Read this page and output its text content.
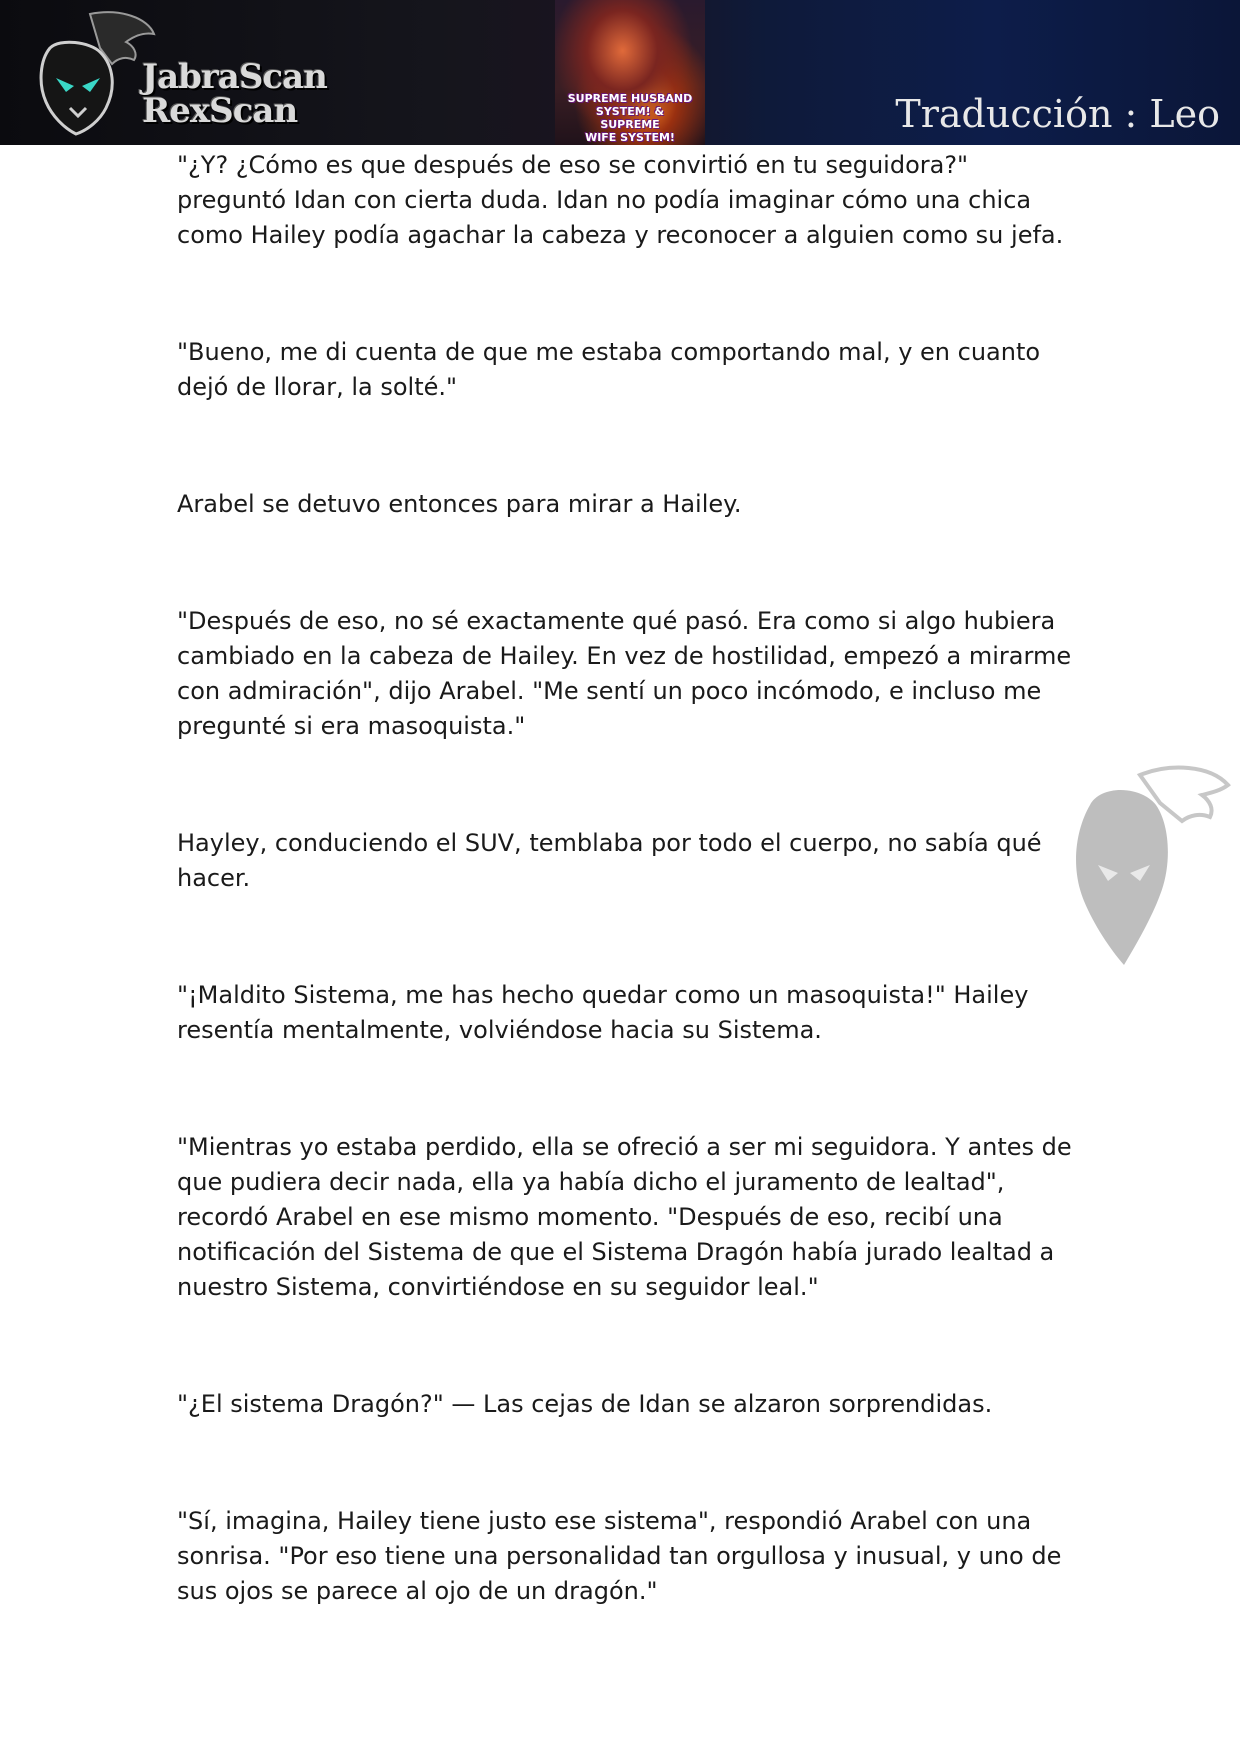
JabraScan
RexScan	SUPREME HUSBAND
SYSTEM! & SUPREME
WIFE SYSTEM!
Traducción : Leo

"¿Y? ¿Cómo es que después de eso se convirtió en tu seguidora?" preguntó Idan con cierta duda. Idan no podía imaginar cómo una chica como Hailey podía agachar la cabeza y reconocer a alguien como su jefa.

"Bueno, me di cuenta de que me estaba comportando mal, y en cuanto dejó de llorar, la solté."

Arabel se detuvo entonces para mirar a Hailey.

"Después de eso, no sé exactamente qué pasó. Era como si algo hubiera cambiado en la cabeza de Hailey. En vez de hostilidad, empezó a mirarme con admiración", dijo Arabel. "Me sentí un poco incómodo, e incluso me pregunté si era masoquista."

Hayley, conduciendo el SUV, temblaba por todo el cuerpo, no sabía qué hacer.

"¡Maldito Sistema, me has hecho quedar como un masoquista!" Hailey resentía mentalmente, volviéndose hacia su Sistema.

"Mientras yo estaba perdido, ella se ofreció a ser mi seguidora. Y antes de que pudiera decir nada, ella ya había dicho el juramento de lealtad", recordó Arabel en ese mismo momento. "Después de eso, recibí una notificación del Sistema de que el Sistema Dragón había jurado lealtad a nuestro Sistema, convirtiéndose en su seguidor leal."

"¿El sistema Dragón?" — Las cejas de Idan se alzaron sorprendidas.

"Sí, imagina, Hailey tiene justo ese sistema", respondió Arabel con una sonrisa. "Por eso tiene una personalidad tan orgullosa y inusual, y uno de sus ojos se parece al ojo de un dragón."
